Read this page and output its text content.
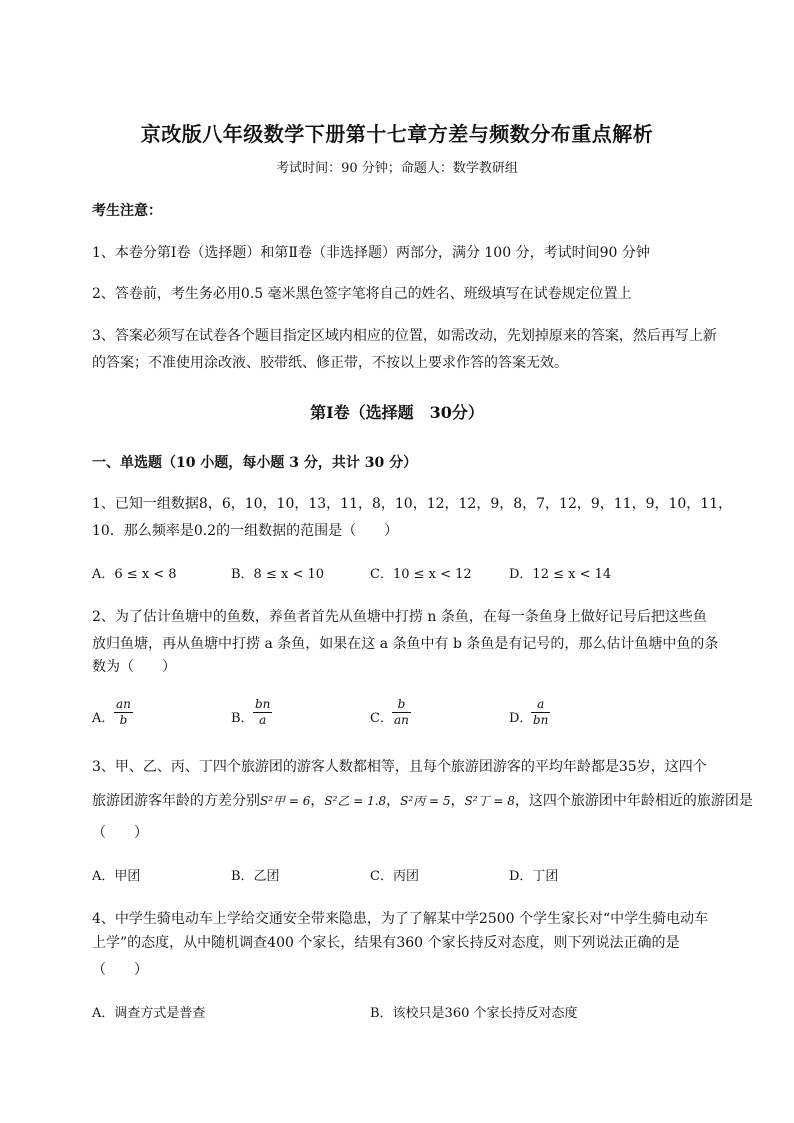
京改版八年级数学下册第十七章方差与频数分布重点解析
考试时间：90 分钟；命题人：数学教研组
考生注意：
1、本卷分第Ⅰ卷（选择题）和第Ⅱ卷（非选择题）两部分，满分 100 分，考试时间90 分钟
2、答卷前，考生务必用0.5 毫米黑色签字笔将自己的姓名、班级填写在试卷规定位置上
3、答案必须写在试卷各个题目指定区域内相应的位置，如需改动，先划掉原来的答案，然后再写上新
的答案；不准使用涂改液、胶带纸、修正带，不按以上要求作答的答案无效。
第Ⅰ卷（选择题　30分）
一、单选题（10 小题，每小题 3 分，共计 30 分）
1、已知一组数据8，6，10，10，13，11，8，10，12，12，9，8，7，12，9，11，9，10，11，
10．那么频率是0.2的一组数据的范围是（　　）
A．6 ≤ x < 8	B．8 ≤ x < 10	C．10 ≤ x < 12	D．12 ≤ x < 14
2、为了估计鱼塘中的鱼数，养鱼者首先从鱼塘中打捞 n 条鱼，在每一条鱼身上做好记号后把这些鱼
放归鱼塘，再从鱼塘中打捞 a 条鱼，如果在这 a 条鱼中有 b 条鱼是有记号的，那么估计鱼塘中鱼的条
数为（　　）
A． $\frac{an}{b}$	B． $\frac{bn}{a}$	C． $\frac{b}{an}$	D．
$\frac{a}{bn}$
3、甲、乙、丙、丁四个旅游团的游客人数都相等，且每个旅游团游客的平均年龄都是35岁，这四个
旅游团游客年龄的方差分别S²甲 = 6，S²乙 = 1.8，S²丙 = 5，S²丁 = 8，这四个旅游团中年龄相近的旅游团是
（　　）
A．甲团	B．乙团	C．丙团	D．丁团
4、中学生骑电动车上学给交通安全带来隐患，为了了解某中学2500 个学生家长对“中学生骑电动车
上学”的态度，从中随机调查400 个家长，结果有360 个家长持反对态度，则下列说法正确的是
（　　）
A．调查方式是普查	B．该校只是360 个家长持反对态度
